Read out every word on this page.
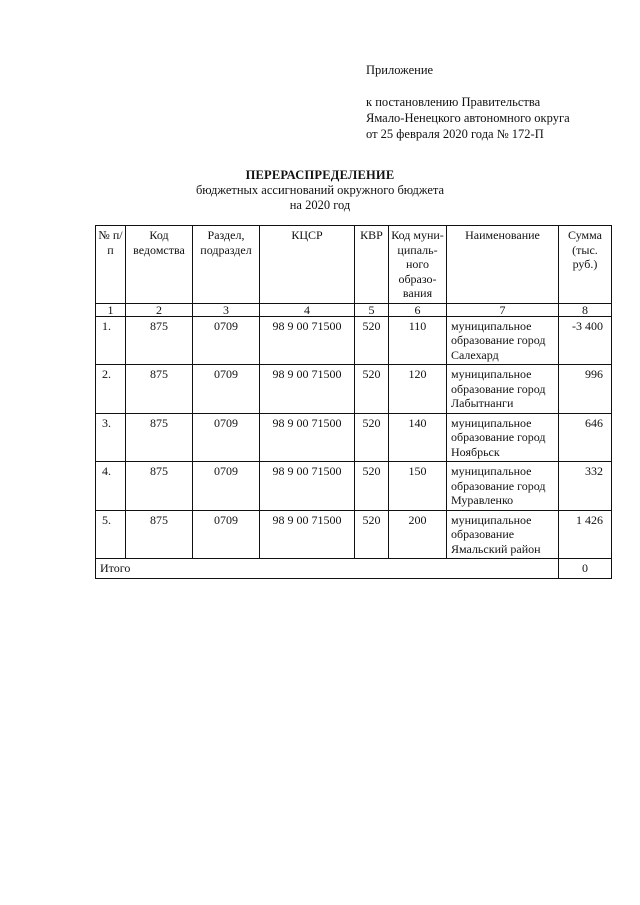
Приложение
к постановлению Правительства
Ямало-Ненецкого автономного округа
от 25 февраля 2020 года № 172-П
ПЕРЕРАСПРЕДЕЛЕНИЕ
бюджетных ассигнований окружного бюджета
на 2020 год
№ п/п	Код ведомства	Раздел, подраздел	КЦСР	КВР	Код муни-ципаль-ного образо-вания	Наименование	Сумма (тыс. руб.)
1	2	3	4	5	6	7	8
1.	875	0709	98 9 00 71500	520	110	муниципальное образование город Салехард	-3 400
2.	875	0709	98 9 00 71500	520	120	муниципальное образование город Лабытнанги	996
3.	875	0709	98 9 00 71500	520	140	муниципальное образование город Ноябрьск	646
4.	875	0709	98 9 00 71500	520	150	муниципальное образование город Муравленко	332
5.	875	0709	98 9 00 71500	520	200	муниципальное образование Ямальский район	1 426
Итого							0
